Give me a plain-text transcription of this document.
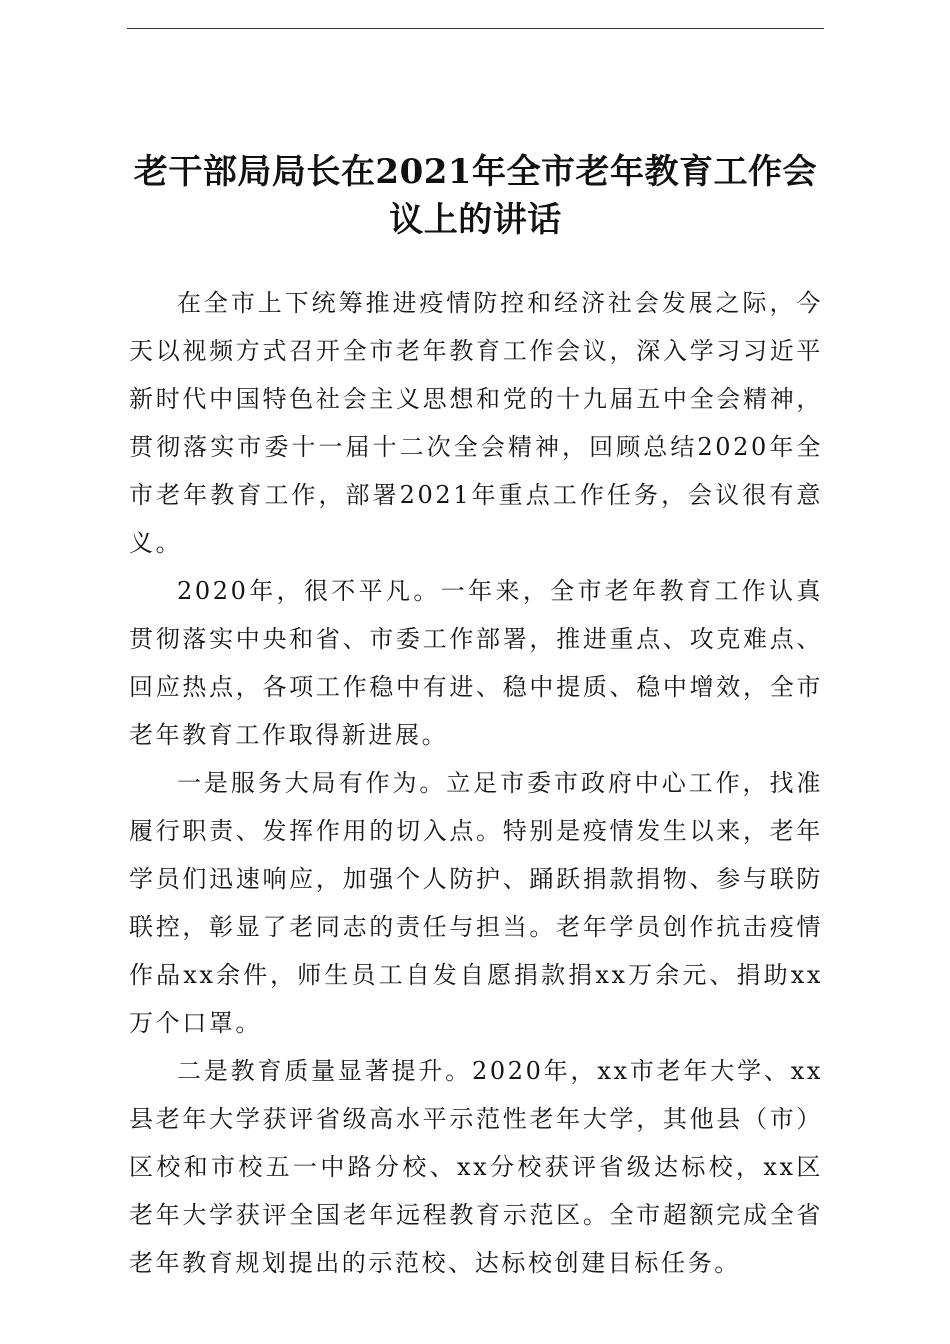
老干部局局长在2021年全市老年教育工作会
议上的讲话

在全市上下统筹推进疫情防控和经济社会发展之际，今天以视频方式召开全市老年教育工作会议，深入学习习近平新时代中国特色社会主义思想和党的十九届五中全会精神，贯彻落实市委十一届十二次全会精神，回顾总结2020年全市老年教育工作，部署2021年重点工作任务，会议很有意义。

2020年，很不平凡。一年来，全市老年教育工作认真贯彻落实中央和省、市委工作部署，推进重点、攻克难点、回应热点，各项工作稳中有进、稳中提质、稳中增效，全市老年教育工作取得新进展。

一是服务大局有作为。立足市委市政府中心工作，找准履行职责、发挥作用的切入点。特别是疫情发生以来，老年学员们迅速响应，加强个人防护、踊跃捐款捐物、参与联防联控，彰显了老同志的责任与担当。老年学员创作抗击疫情作品xx余件，师生员工自发自愿捐款捐xx万余元、捐助xx万个口罩。

二是教育质量显著提升。2020年，xx市老年大学、xx县老年大学获评省级高水平示范性老年大学，其他县（市）区校和市校五一中路分校、xx分校获评省级达标校，xx区老年大学获评全国老年远程教育示范区。全市超额完成全省老年教育规划提出的示范校、达标校创建目标任务。
